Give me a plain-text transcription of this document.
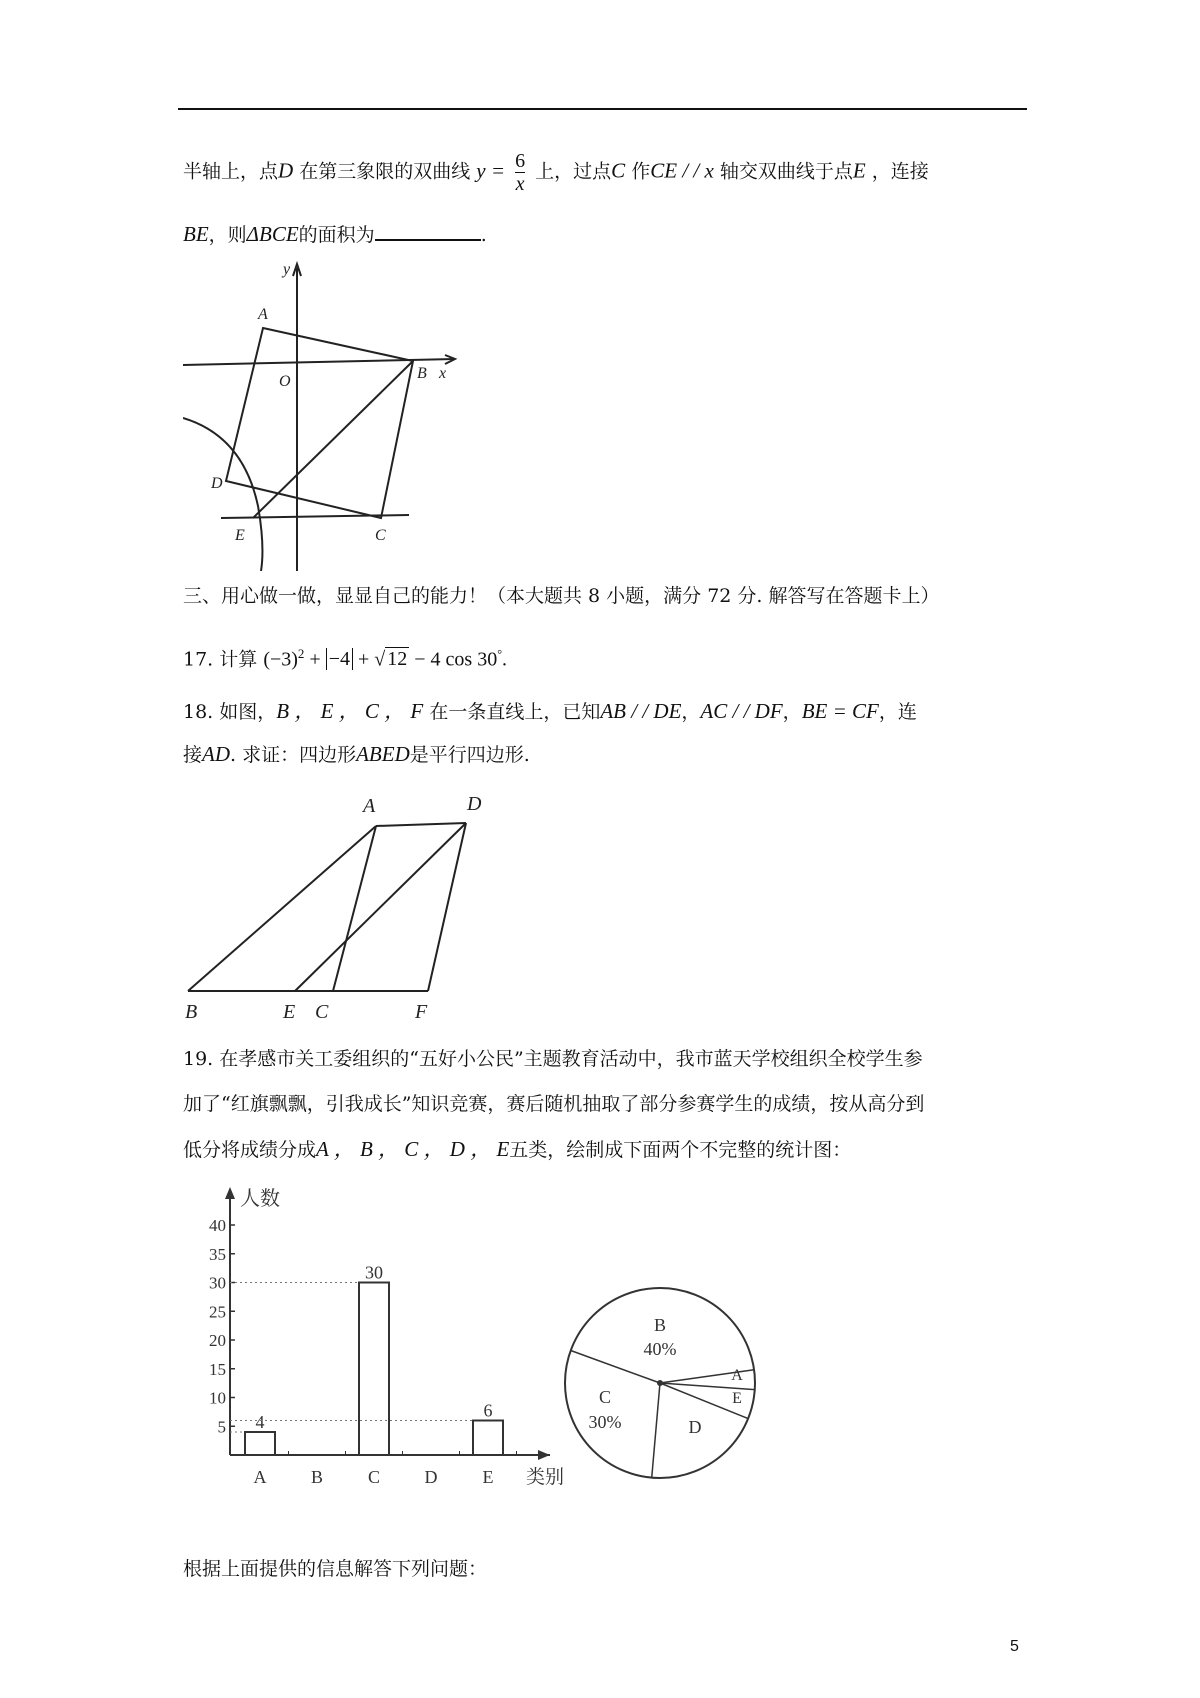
半轴上，点D 在第三象限的双曲线 $y = \frac{6}{x}$ 上，过点C 作CE / / x 轴交双曲线于点E ，连接
BE，则ΔBCE的面积为	.
y
x
A
O	B
D
E	C
三、用心做一做，显显自己的能力！（本大题共 8 小题，满分 72 分. 解答写在答题卡上）
17. 计算 $(-3)^2 + -4$ + √ 12 − 4 cos 30°.
18. 如图，B ， E ， C ， F 在一条直线上，已知AB / / DE，AC / / DF，BE = CF，连
接AD. 求证：四边形ABED是平行四边形.
A	D
B	E C	F
19. 在孝感市关工委组织的“五好小公民”主题教育活动中，我市蓝天学校组织全校学生参
加了“红旗飘飘，引我成长”知识竞赛，赛后随机抽取了部分参赛学生的成绩，按从高分到
低分将成绩分成A ， B ， C ， D ， E五类，绘制成下面两个不完整的统计图：
人数
类别
5
10
15
20
25
30
35
40
A
4
B C
30
D	E
6
B
40%
C
30%	D
E
A
根据上面提供的信息解答下列问题：
5
